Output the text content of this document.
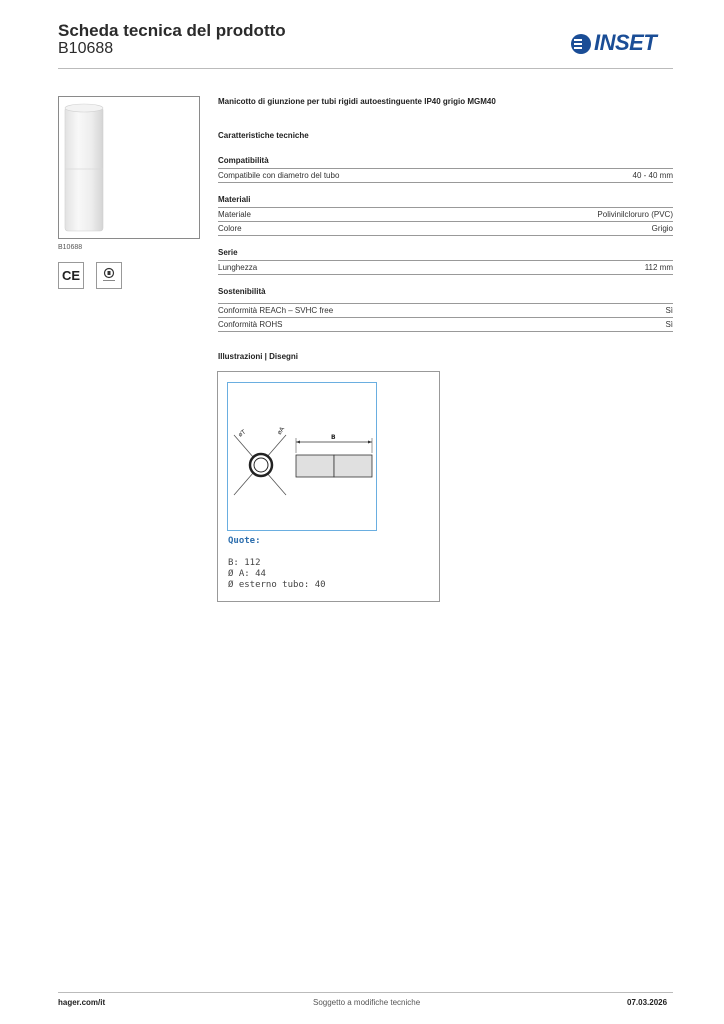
Scheda tecnica del prodotto
B10688	INSET
B10688
CE
Manicotto di giunzione per tubi rigidi autoestinguente IP40 grigio MGM40
Caratteristiche tecniche
Compatibilità
Compatibile con diametro del tubo	40 - 40 mm
Materiali
Materiale	Polivinilcloruro (PVC)
Colore	Grigio
Serie
Lunghezza	112 mm
Sostenibilità
Conformità REACh – SVHC free	Sì
Conformità ROHS	Sì
Illustrazioni | Disegni
øT	øA
B
Quote:
B: 112
Ø A: 44
Ø esterno tubo: 40
hager.com/it	Soggetto a modifiche tecniche	07.03.2026
